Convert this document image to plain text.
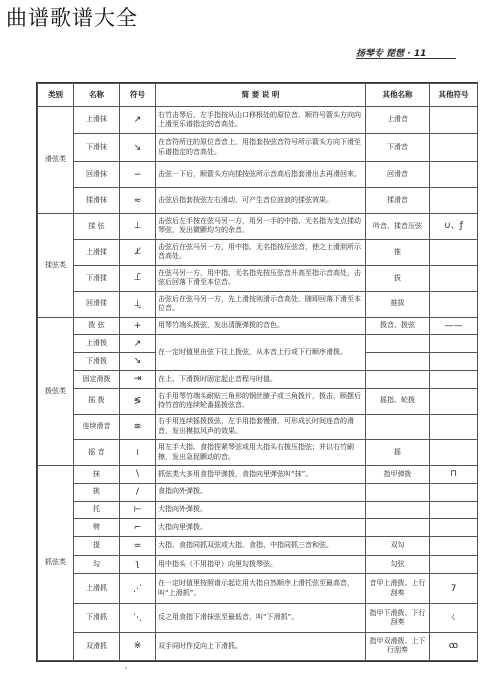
曲谱歌谱大全
扬琴专 琵琶 · 11
类别	名称	符号	简 要 说 明	其他名称	其他符号
滑弦类	上滑抹	↗	右竹击琴后，左手指按从山口移根处的原位音，顺符号箭头方向向上滑至乐谱指定的音高处。	上滑音	
	下滑抹	↘	在音符所注的原位音音上，用指套按弦音符号所示箭头方向下滑至乐谱指定的音高处。	下滑音	
	回滑抹	∽	击弦一下后，顺箭头方向揉按弦所示音高后指套滑出去再滑回来。	回滑音	
	揉滑抹	≈	击弦后指套按弦左右滑动，可产生音位波浪的揉弦效果。	揉滑音	
揉弦类	揉 弦	⊥	击弦后左手按在弦马另一方，用另一手的中指、无名指为支点揉动琴弦，发出微颤均匀的余音。	吟音、揉音压弦	∪、ƒ
	上滑揉	⊥̸	击弦后在弦马另一方，用中指、无名指按压弦音，使之上滑到所示音高处。	推	
	下滑揉	⊥̃	在弦马另一方，用中指、无名指先按压弦音升高至指示音高处，击弦后回落下滑至本位音。	拔	
	回滑揉	⊥̰	击弦后在弦马另一方，先上滑按则滑示音高处，随即回落下滑至本位音。	推拔	
拨弦类	拨 弦	+	用琴竹端头拨弦，发出清脆弹拨的音色。	拨音、拨弦	——
	上滑拨	↗	在一定时值里由弦下往上拨弦，从本音上行或下行顺序滑拨。		
	下滑拨	↘			
	固定滑拨	⇥	在上、下滑拨时固定起止音程与时值。		
	摇 拨	≶	右手用琴竹端头耐贴三角形的钢丝腋子或三角拨片，拨击，顾摆后持竹首的连续轮番摇拨弦音。	摇指、轮拨	
	连续滑音	≋	右手用连续摇拨拨弦，左手用指套慢滑，可形成长时间连音的滑音，发出模拟风声的效果。		
	摇 音	≀	用左手大指、食指捏紧琴弦或用大指头右拨压指弦；并以右竹刷擦，发出急促颤动的音。	摇	
抓弦类	抹	\	抓弦类大多用食指甲弹拨，食指向里弹弦叫“抹”。	指甲弹拨	⊓
	挑	/	食指向外弹拨。		
	托	⊢	大指向外弹拨。		
	劈	⌐	大指向里弹拨。		
	提	=	大指、食指同抓双弦或大指、食指、中指同抓三音和弦。	双勾	
	勾	ʅ	用中指头（不用指甲）向里勾拨琴弦。	勾弦	
	上滑抓	⋰	在一定时值里按照谱示起讫用大指自然顺序上滑托弦至最高音，叫“上滑抓”。	音甲上滑拨、上行刮奏	7
	下滑抓	⋱	反之用食指下滑抹弦至最低音，叫“下滑抓”。	指甲下滑拨、下行刮奏	ㄑ
	双滑抓	※	双手同时作反向上下滑抓。	指甲双滑拨、上下行刮奏	ꝏ
'
